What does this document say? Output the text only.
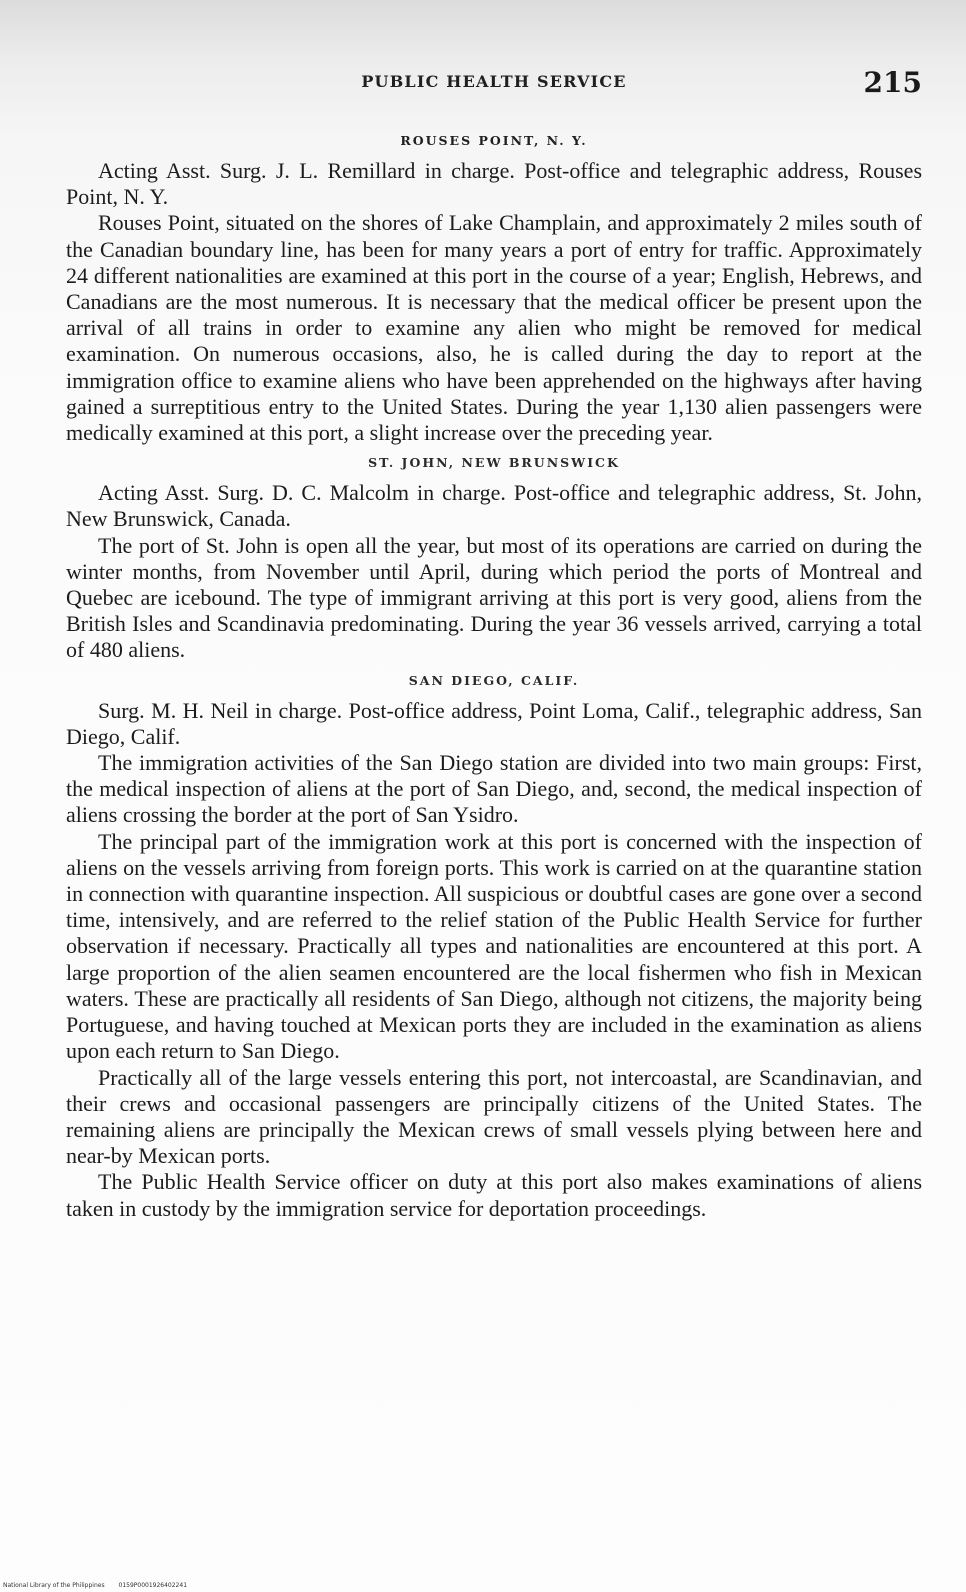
PUBLIC HEALTH SERVICE	215
ROUSES POINT, N. Y.

Acting Asst. Surg. J. L. Remillard in charge. Post-office and telegraphic address, Rouses Point, N. Y.

Rouses Point, situated on the shores of Lake Champlain, and approximately 2 miles south of the Canadian boundary line, has been for many years a port of entry for traffic. Approximately 24 different nationalities are examined at this port in the course of a year; English, Hebrews, and Canadians are the most numerous. It is necessary that the medical officer be present upon the arrival of all trains in order to examine any alien who might be removed for medical examination. On numerous occasions, also, he is called during the day to report at the immigration office to examine aliens who have been apprehended on the highways after having gained a surreptitious entry to the United States. During the year 1,130 alien passengers were medically examined at this port, a slight increase over the preceding year.

ST. JOHN, NEW BRUNSWICK

Acting Asst. Surg. D. C. Malcolm in charge. Post-office and telegraphic address, St. John, New Brunswick, Canada.

The port of St. John is open all the year, but most of its operations are carried on during the winter months, from November until April, during which period the ports of Montreal and Quebec are icebound. The type of immigrant arriving at this port is very good, aliens from the British Isles and Scandinavia predominating. During the year 36 vessels arrived, carrying a total of 480 aliens.

SAN DIEGO, CALIF.

Surg. M. H. Neil in charge. Post-office address, Point Loma, Calif., telegraphic address, San Diego, Calif.

The immigration activities of the San Diego station are divided into two main groups: First, the medical inspection of aliens at the port of San Diego, and, second, the medical inspection of aliens crossing the border at the port of San Ysidro.

The principal part of the immigration work at this port is concerned with the inspection of aliens on the vessels arriving from foreign ports. This work is carried on at the quarantine station in connection with quarantine inspection. All suspicious or doubtful cases are gone over a second time, intensively, and are referred to the relief station of the Public Health Service for further observation if necessary. Practically all types and nationalities are encountered at this port. A large proportion of the alien seamen encountered are the local fishermen who fish in Mexican waters. These are practically all residents of San Diego, although not citizens, the majority being Portuguese, and having touched at Mexican ports they are included in the examination as aliens upon each return to San Diego.

Practically all of the large vessels entering this port, not intercoastal, are Scandinavian, and their crews and occasional passengers are principally citizens of the United States. The remaining aliens are principally the Mexican crews of small vessels plying between here and near-by Mexican ports.

The Public Health Service officer on duty at this port also makes examinations of aliens taken in custody by the immigration service for deportation proceedings.

National Library of the Philippines 0159P0001926402241
